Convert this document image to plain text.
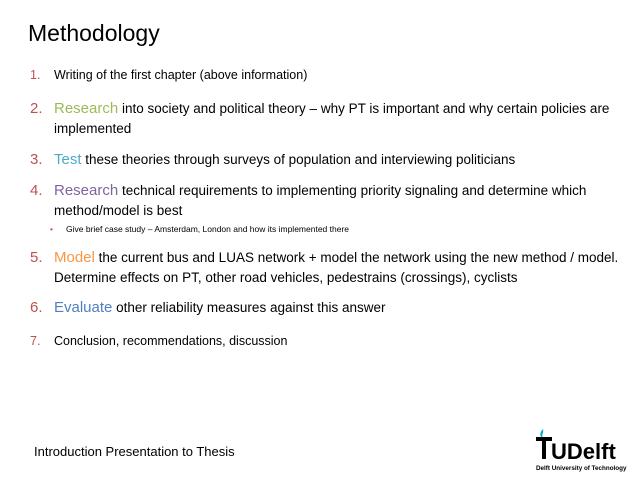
Methodology
1.	Writing of the first chapter (above information)
2. Research into society and political theory – why PT is important and why certain policies are implemented
3. Test these theories through surveys of population and interviewing politicians
4. Research technical requirements to implementing priority signaling and determine which method/model is best
•	Give brief case study – Amsterdam, London and how its implemented there
5. Model the current bus and LUAS network + model the network using the new method / model. Determine effects on PT, other road vehicles, pedestrains (crossings), cyclists
6. Evaluate other reliability measures against this answer
7.	Conclusion, recommendations, discussion
Introduction Presentation to Thesis	UDelft
Delft University of Technology
